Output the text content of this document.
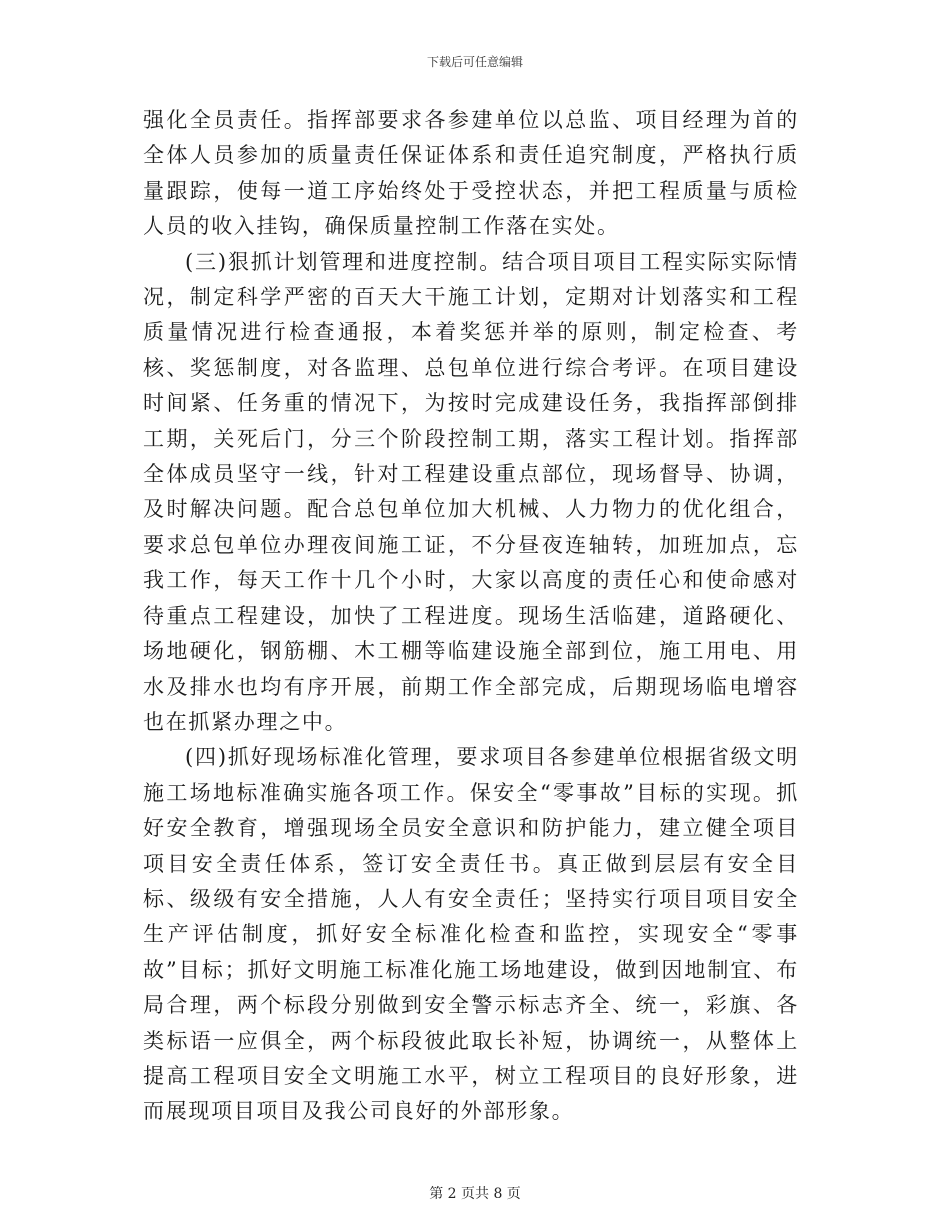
下载后可任意编辑

强化全员责任。指挥部要求各参建单位以总监、项目经理为首的全体人员参加的质量责任保证体系和责任追究制度，严格执行质量跟踪，使每一道工序始终处于受控状态，并把工程质量与质检人员的收入挂钩，确保质量控制工作落在实处。

(三)狠抓计划管理和进度控制。结合项目项目工程实际实际情况，制定科学严密的百天大干施工计划，定期对计划落实和工程质量情况进行检查通报，本着奖惩并举的原则，制定检查、考核、奖惩制度，对各监理、总包单位进行综合考评。在项目建设时间紧、任务重的情况下，为按时完成建设任务，我指挥部倒排工期，关死后门，分三个阶段控制工期，落实工程计划。指挥部全体成员坚守一线，针对工程建设重点部位，现场督导、协调，及时解决问题。配合总包单位加大机械、人力物力的优化组合，要求总包单位办理夜间施工证，不分昼夜连轴转，加班加点，忘我工作，每天工作十几个小时，大家以高度的责任心和使命感对待重点工程建设，加快了工程进度。现场生活临建，道路硬化、场地硬化，钢筋棚、木工棚等临建设施全部到位，施工用电、用水及排水也均有序开展，前期工作全部完成，后期现场临电增容也在抓紧办理之中。

(四)抓好现场标准化管理，要求项目各参建单位根据省级文明施工场地标准确实施各项工作。保安全“零事故”目标的实现。抓好安全教育，增强现场全员安全意识和防护能力，建立健全项目项目安全责任体系，签订安全责任书。真正做到层层有安全目标、级级有安全措施，人人有安全责任；坚持实行项目项目安全生产评估制度，抓好安全标准化检查和监控，实现安全“零事故”目标；抓好文明施工标准化施工场地建设，做到因地制宜、布局合理，两个标段分别做到安全警示标志齐全、统一，彩旗、各类标语一应俱全，两个标段彼此取长补短，协调统一，从整体上提高工程项目安全文明施工水平，树立工程项目的良好形象，进而展现项目项目及我公司良好的外部形象。

第 2 页共 8 页
